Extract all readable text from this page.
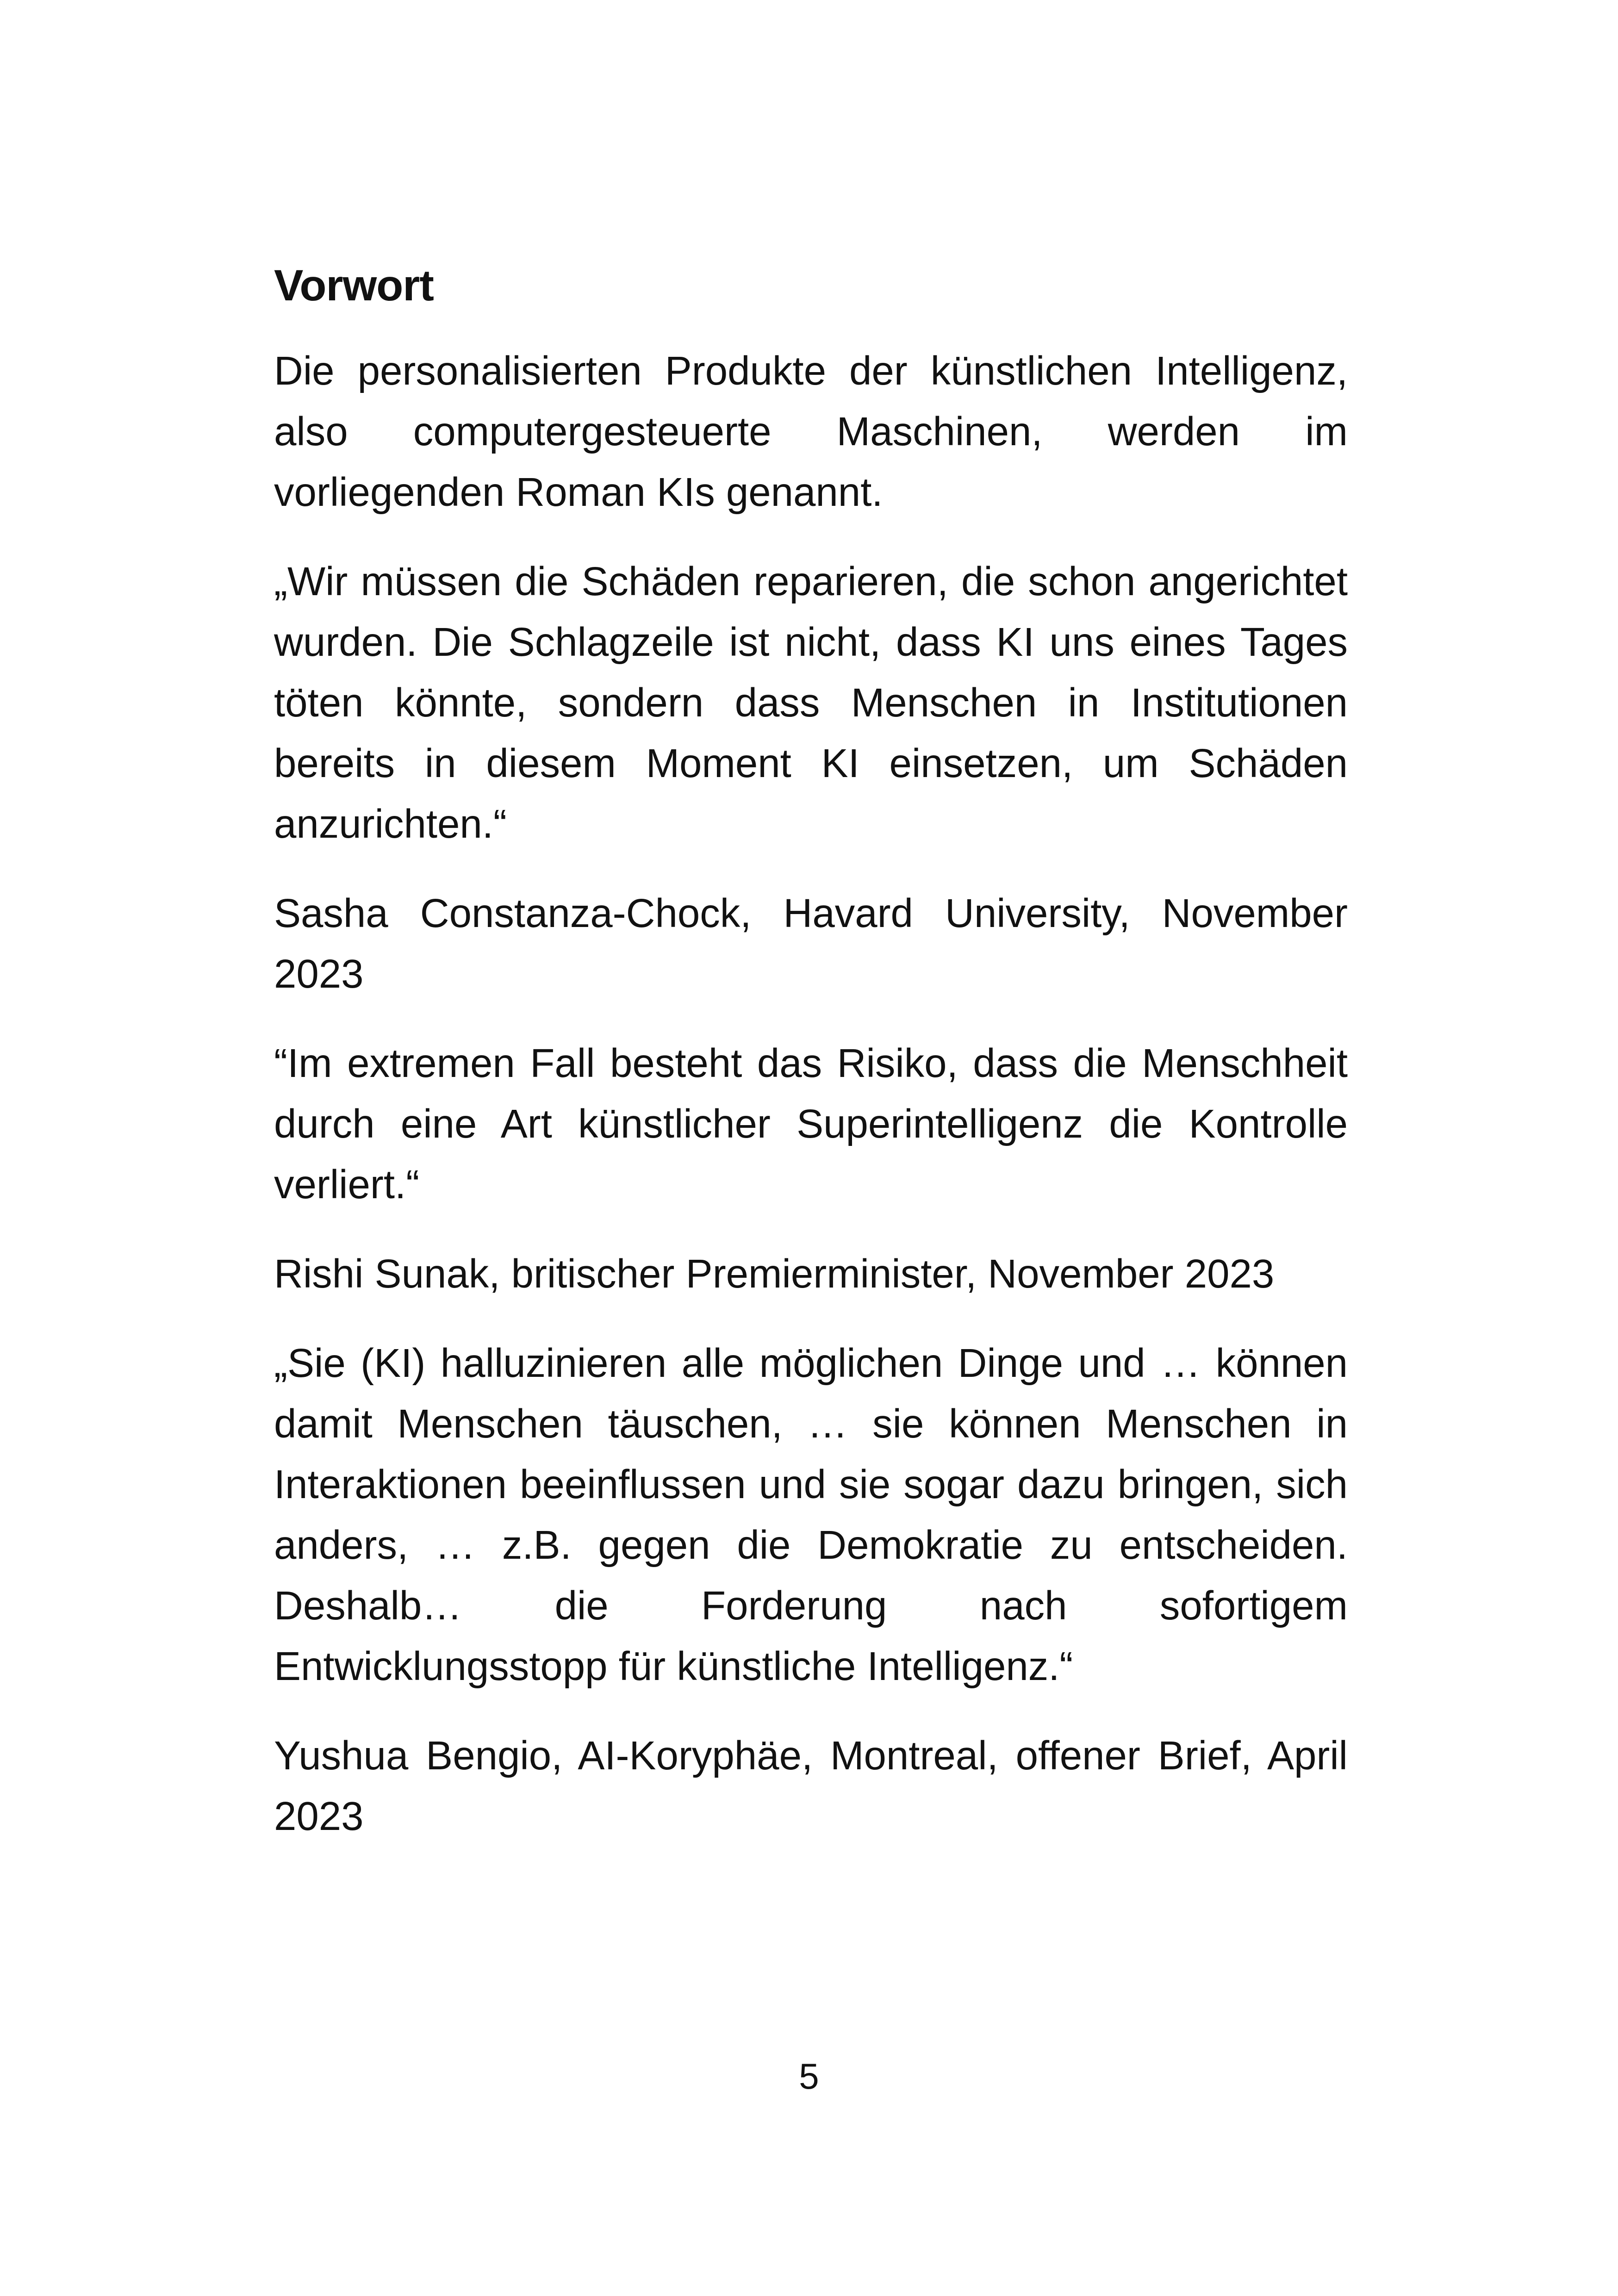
Vorwort

Die personalisierten Produkte der künstlichen Intelligenz, also computergesteuerte Maschinen, werden im vorliegenden Roman KIs genannt.

„Wir müssen die Schäden reparieren, die schon angerichtet wurden. Die Schlagzeile ist nicht, dass KI uns eines Tages töten könnte, sondern dass Menschen in Institutionen bereits in diesem Moment KI einsetzen, um Schäden anzurichten.“

Sasha Constanza-Chock, Havard University, November 2023

“Im extremen Fall besteht das Risiko, dass die Menschheit durch eine Art künstlicher Superintelligenz die Kontrolle verliert.“

Rishi Sunak, britischer Premierminister, November 2023

„Sie (KI) halluzinieren alle möglichen Dinge und … können damit Menschen täuschen, … sie können Menschen in Interaktionen beeinflussen und sie sogar dazu bringen, sich anders, … z.B. gegen die Demokratie zu entscheiden. Deshalb… die Forderung nach sofortigem Entwicklungsstopp für künstliche Intelligenz.“

Yushua Bengio, AI-Koryphäe, Montreal, offener Brief, April 2023

5
